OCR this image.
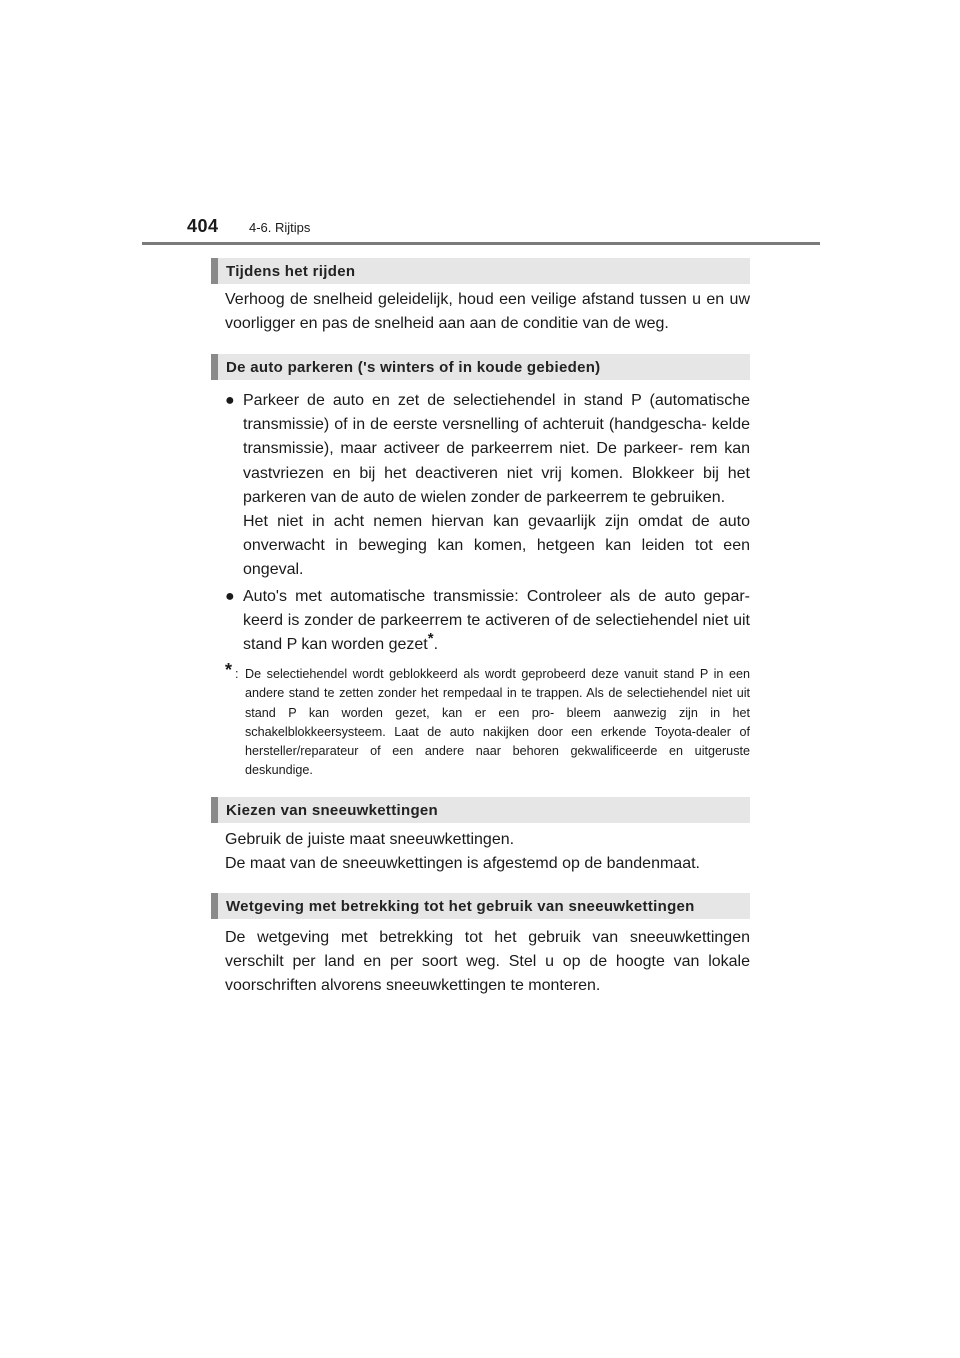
404 4-6. Rijtips
Tijdens het rijden

Verhoog de snelheid geleidelijk, houd een veilige afstand tussen u en uw voorligger en pas de snelheid aan aan de conditie van de weg.

De auto parkeren ('s winters of in koude gebieden)
● Parkeer de auto en zet de selectiehendel in stand P (automatische transmissie) of in de eerste versnelling of achteruit (handgescha- kelde transmissie), maar activeer de parkeerrem niet. De parkeer- rem kan vastvriezen en bij het deactiveren niet vrij komen. Blokkeer bij het parkeren van de auto de wielen zonder de parkeerrem te gebruiken.
Het niet in acht nemen hiervan kan gevaarlijk zijn omdat de auto onverwacht in beweging kan komen, hetgeen kan leiden tot een ongeval.
● Auto's met automatische transmissie: Controleer als de auto gepar- keerd is zonder de parkeerrem te activeren of de selectiehendel niet uit stand P kan worden gezet*.
* : De selectiehendel wordt geblokkeerd als wordt geprobeerd deze vanuit stand P in een andere stand te zetten zonder het rempedaal in te trappen. Als de selectiehendel niet uit stand P kan worden gezet, kan er een pro- bleem aanwezig zijn in het schakelblokkeersysteem. Laat de auto nakijken door een erkende Toyota-dealer of hersteller/reparateur of een andere naar behoren gekwalificeerde en uitgeruste deskundige.
Kiezen van sneeuwkettingen

Gebruik de juiste maat sneeuwkettingen.
De maat van de sneeuwkettingen is afgestemd op de bandenmaat.

Wetgeving met betrekking tot het gebruik van sneeuwkettingen

De wetgeving met betrekking tot het gebruik van sneeuwkettingen verschilt per land en per soort weg. Stel u op de hoogte van lokale voorschriften alvorens sneeuwkettingen te monteren.
